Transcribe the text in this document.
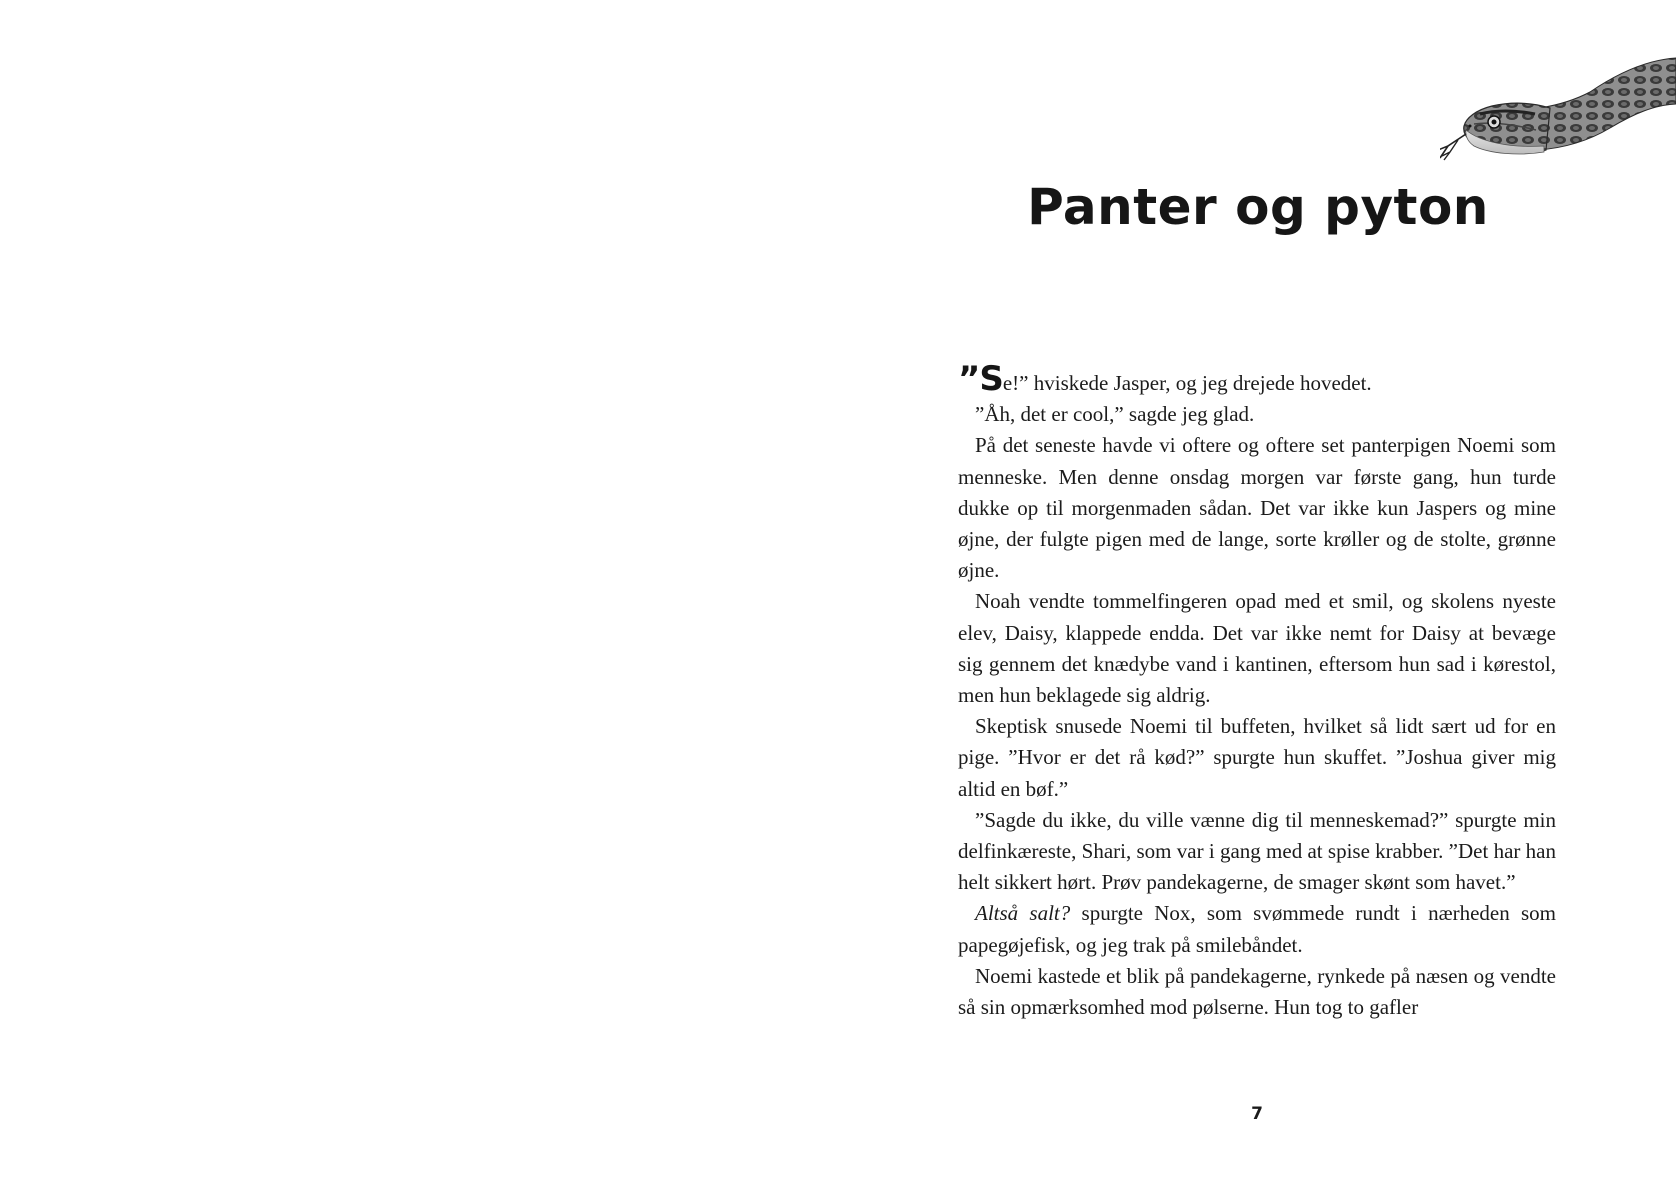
Panter og pyton

”Se!” hviskede Jasper, og jeg drejede hovedet.

”Åh, det er cool,” sagde jeg glad.

På det seneste havde vi oftere og oftere set panterpigen Noemi som menneske. Men denne onsdag morgen var første gang, hun turde dukke op til morgenmaden sådan. Det var ikke kun Jaspers og mine øjne, der fulgte pigen med de lange, sorte krøller og de stolte, grønne øjne.

Noah vendte tommelfingeren opad med et smil, og skolens nyeste elev, Daisy, klappede endda. Det var ikke nemt for Daisy at bevæge sig gennem det knædybe vand i kantinen, eftersom hun sad i kørestol, men hun beklagede sig aldrig.

Skeptisk snusede Noemi til buffeten, hvilket så lidt sært ud for en pige. ”Hvor er det rå kød?” spurgte hun skuffet. ”Joshua giver mig altid en bøf.”

”Sagde du ikke, du ville vænne dig til menneskemad?” spurgte min delfinkæreste, Shari, som var i gang med at spise krabber. ”Det har han helt sikkert hørt. Prøv pandekagerne, de smager skønt som havet.”

Altså salt? spurgte Nox, som svømmede rundt i nærheden som papegøjefisk, og jeg trak på smilebåndet.

Noemi kastede et blik på pandekagerne, rynkede på næsen og vendte så sin opmærksomhed mod pølserne. Hun tog to gafler

7
